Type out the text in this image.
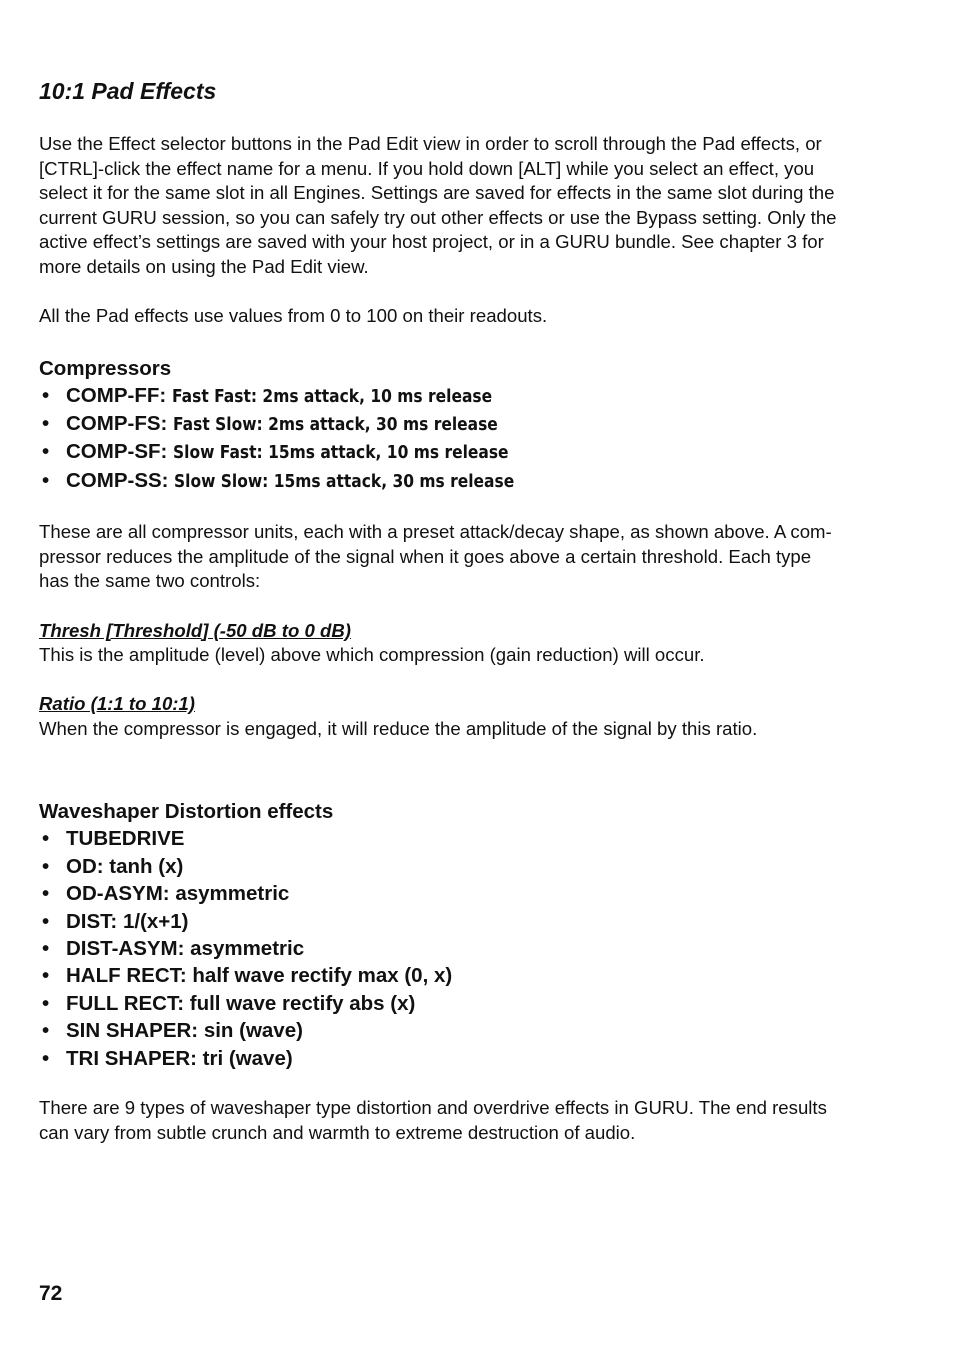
10:1 Pad Effects

Use the Effect selector buttons in the Pad Edit view in order to scroll through the Pad effects, or
[CTRL]-click the effect name for a menu. If you hold down [ALT] while you select an effect, you
select it for the same slot in all Engines. Settings are saved for effects in the same slot during the
current GURU session, so you can safely try out other effects or use the Bypass setting. Only the
active effect’s settings are saved with your host project, or in a GURU bundle. See chapter 3 for
more details on using the Pad Edit view.

All the Pad effects use values from 0 to 100 on their readouts.

Compressors
• COMP-FF: Fast Fast: 2ms attack, 10 ms release
• COMP-FS: Fast Slow: 2ms attack, 30 ms release
• COMP-SF: Slow Fast: 15ms attack, 10 ms release
• COMP-SS: Slow Slow: 15ms attack, 30 ms release

These are all compressor units, each with a preset attack/decay shape, as shown above. A com-
pressor reduces the amplitude of the signal when it goes above a certain threshold. Each type
has the same two controls:

Thresh [Threshold] (-50 dB to 0 dB)

This is the amplitude (level) above which compression (gain reduction) will occur.

Ratio (1:1 to 10:1)

When the compressor is engaged, it will reduce the amplitude of the signal by this ratio.

Waveshaper Distortion effects
• TUBEDRIVE
• OD: tanh (x)
• OD-ASYM: asymmetric
• DIST: 1/(x+1)
• DIST-ASYM: asymmetric
• HALF RECT: half wave rectify max (0, x)
• FULL RECT: full wave rectify abs (x)
• SIN SHAPER: sin (wave)
• TRI SHAPER: tri (wave)

There are 9 types of waveshaper type distortion and overdrive effects in GURU. The end results
can vary from subtle crunch and warmth to extreme destruction of audio.

72
